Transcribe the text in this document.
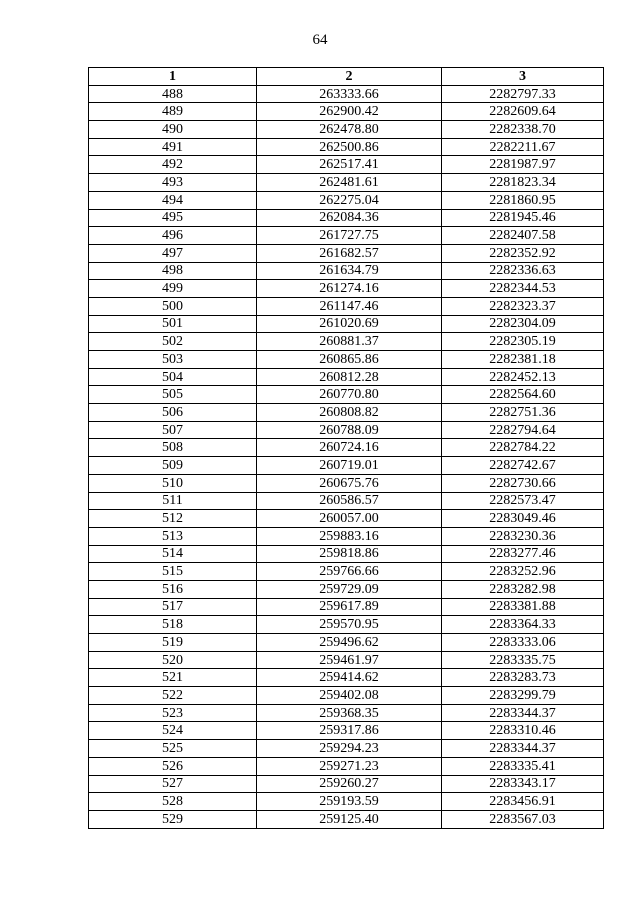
64
1	2	3
488	263333.66	2282797.33
489	262900.42	2282609.64
490	262478.80	2282338.70
491	262500.86	2282211.67
492	262517.41	2281987.97
493	262481.61	2281823.34
494	262275.04	2281860.95
495	262084.36	2281945.46
496	261727.75	2282407.58
497	261682.57	2282352.92
498	261634.79	2282336.63
499	261274.16	2282344.53
500	261147.46	2282323.37
501	261020.69	2282304.09
502	260881.37	2282305.19
503	260865.86	2282381.18
504	260812.28	2282452.13
505	260770.80	2282564.60
506	260808.82	2282751.36
507	260788.09	2282794.64
508	260724.16	2282784.22
509	260719.01	2282742.67
510	260675.76	2282730.66
511	260586.57	2282573.47
512	260057.00	2283049.46
513	259883.16	2283230.36
514	259818.86	2283277.46
515	259766.66	2283252.96
516	259729.09	2283282.98
517	259617.89	2283381.88
518	259570.95	2283364.33
519	259496.62	2283333.06
520	259461.97	2283335.75
521	259414.62	2283283.73
522	259402.08	2283299.79
523	259368.35	2283344.37
524	259317.86	2283310.46
525	259294.23	2283344.37
526	259271.23	2283335.41
527	259260.27	2283343.17
528	259193.59	2283456.91
529	259125.40	2283567.03
